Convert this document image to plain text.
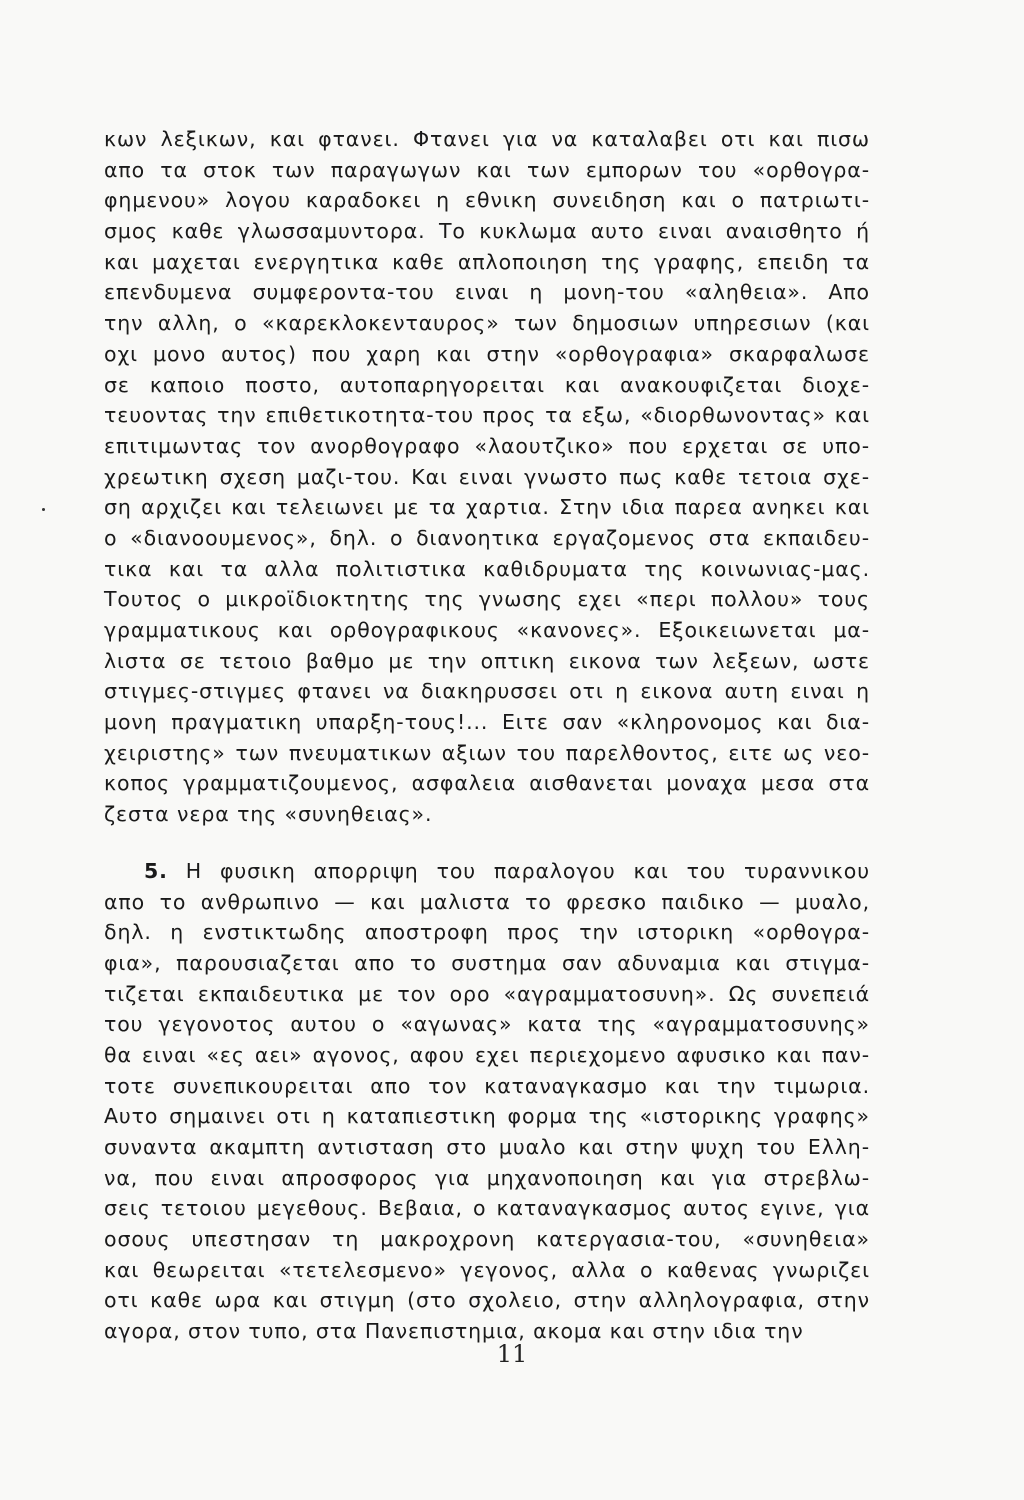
κων λεξικων, και φτανει. Φτανει για να καταλαβει οτι και πισω
απο τα στοκ των παραγωγων και των εμπορων του «ορθογρα-
φημενου» λογου καραδοκει η εθνικη συνειδηση και ο πατριωτι-
σμος καθε γλωσσαμυντορα. Το κυκλωμα αυτο ειναι αναισθητο ή
και μαχεται ενεργητικα καθε απλοποιηση της γραφης, επειδη τα
επενδυμενα συμφεροντα-του ειναι η μονη-του «αληθεια». Απο
την αλλη, ο «καρεκλοκενταυρος» των δημοσιων υπηρεσιων (και
οχι μονο αυτος) που χαρη και στην «ορθογραφια» σκαρφαλωσε
σε καποιο ποστο, αυτοπαρηγορειται και ανακουφιζεται διοχε-
τευοντας την επιθετικοτητα-του προς τα εξω, «διορθωνοντας» και
επιτιμωντας τον ανορθογραφο «λαουτζικο» που ερχεται σε υπο-
χρεωτικη σχεση μαζι-του. Και ειναι γνωστο πως καθε τετοια σχε-
ση αρχιζει και τελειωνει με τα χαρτια. Στην ιδια παρεα ανηκει και
ο «διανοουμενος», δηλ. ο διανοητικα εργαζομενος στα εκπαιδευ-
τικα και τα αλλα πολιτιστικα καθιδρυματα της κοινωνιας-μας.
Τουτος ο μικροϊδιοκτητης της γνωσης εχει «περι πολλου» τους
γραμματικους και ορθογραφικους «κανονες». Εξοικειωνεται μα-
λιστα σε τετοιο βαθμο με την οπτικη εικονα των λεξεων, ωστε
στιγμες-στιγμες φτανει να διακηρυσσει οτι η εικονα αυτη ειναι η
μονη πραγματικη υπαρξη-τους!... Ειτε σαν «κληρονομος και δια-
χειριστης» των πνευματικων αξιων του παρελθοντος, ειτε ως νεο-
κοπος γραμματιζουμενος, ασφαλεια αισθανεται μοναχα μεσα στα
ζεστα νερα της «συνηθειας».
5. Η φυσικη απορριψη του παραλογου και του τυραννικου
απο το ανθρωπινο — και μαλιστα το φρεσκο παιδικο — μυαλο,
δηλ. η ενστικτωδης αποστροφη προς την ιστορικη «ορθογρα-
φια», παρουσιαζεται απο το συστημα σαν αδυναμια και στιγμα-
τιζεται εκπαιδευτικα με τον ορο «αγραμματοσυνη». Ως συνεπειά
του γεγονοτος αυτου ο «αγωνας» κατα της «αγραμματοσυνης»
θα ειναι «ες αει» αγονος, αφου εχει περιεχομενο αφυσικο και παν-
τοτε συνεπικουρειται απο τον καταναγκασμο και την τιμωρια.
Αυτο σημαινει οτι η καταπιεστικη φορμα της «ιστορικης γραφης»
συναντα ακαμπτη αντισταση στο μυαλο και στην ψυχη του Ελλη-
να, που ειναι απροσφορος για μηχανοποιηση και για στρεβλω-
σεις τετοιου μεγεθους. Βεβαια, ο καταναγκασμος αυτος εγινε, για
οσους υπεστησαν τη μακροχρονη κατεργασια-του, «συνηθεια»
και θεωρειται «τετελεσμενο» γεγονος, αλλα ο καθενας γνωριζει
οτι καθε ωρα και στιγμη (στο σχολειο, στην αλληλογραφια, στην
αγορα, στον τυπο, στα Πανεπιστημια, ακομα και στην ιδια την
11
